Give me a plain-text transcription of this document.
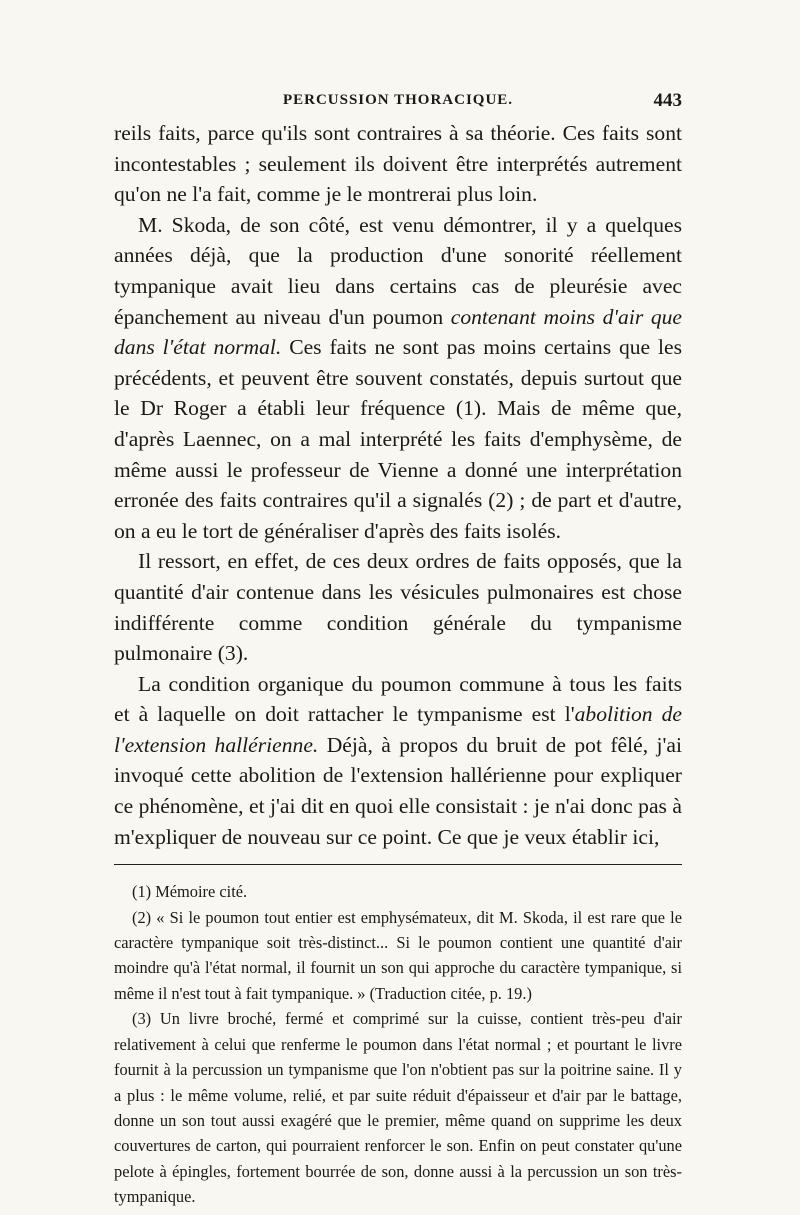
PERCUSSION THORACIQUE.	443

reils faits, parce qu'ils sont contraires à sa théorie. Ces faits sont incontestables ; seulement ils doivent être interprétés autrement qu'on ne l'a fait, comme je le montrerai plus loin.

M. Skoda, de son côté, est venu démontrer, il y a quelques années déjà, que la production d'une sonorité réellement tympanique avait lieu dans certains cas de pleurésie avec épanchement au niveau d'un poumon contenant moins d'air que dans l'état normal. Ces faits ne sont pas moins certains que les précédents, et peuvent être souvent constatés, depuis surtout que le Dr Roger a établi leur fréquence (1). Mais de même que, d'après Laennec, on a mal interprété les faits d'emphysème, de même aussi le professeur de Vienne a donné une interprétation erronée des faits contraires qu'il a signalés (2) ; de part et d'autre, on a eu le tort de généraliser d'après des faits isolés.

Il ressort, en effet, de ces deux ordres de faits opposés, que la quantité d'air contenue dans les vésicules pulmonaires est chose indifférente comme condition générale du tympanisme pulmonaire (3).

La condition organique du poumon commune à tous les faits et à laquelle on doit rattacher le tympanisme est l'abolition de l'extension hallérienne. Déjà, à propos du bruit de pot fêlé, j'ai invoqué cette abolition de l'extension hallérienne pour expliquer ce phénomène, et j'ai dit en quoi elle consistait : je n'ai donc pas à m'expliquer de nouveau sur ce point. Ce que je veux établir ici,

(1) Mémoire cité.

(2) « Si le poumon tout entier est emphysémateux, dit M. Skoda, il est rare que le caractère tympanique soit très-distinct... Si le poumon contient une quantité d'air moindre qu'à l'état normal, il fournit un son qui approche du caractère tympanique, si même il n'est tout à fait tympanique. » (Traduction citée, p. 19.)

(3) Un livre broché, fermé et comprimé sur la cuisse, contient très-peu d'air relativement à celui que renferme le poumon dans l'état normal ; et pourtant le livre fournit à la percussion un tympanisme que l'on n'obtient pas sur la poitrine saine. Il y a plus : le même volume, relié, et par suite réduit d'épaisseur et d'air par le battage, donne un son tout aussi exagéré que le premier, même quand on supprime les deux couvertures de carton, qui pourraient renforcer le son. Enfin on peut constater qu'une pelote à épingles, fortement bourrée de son, donne aussi à la percussion un son très-tympanique.
